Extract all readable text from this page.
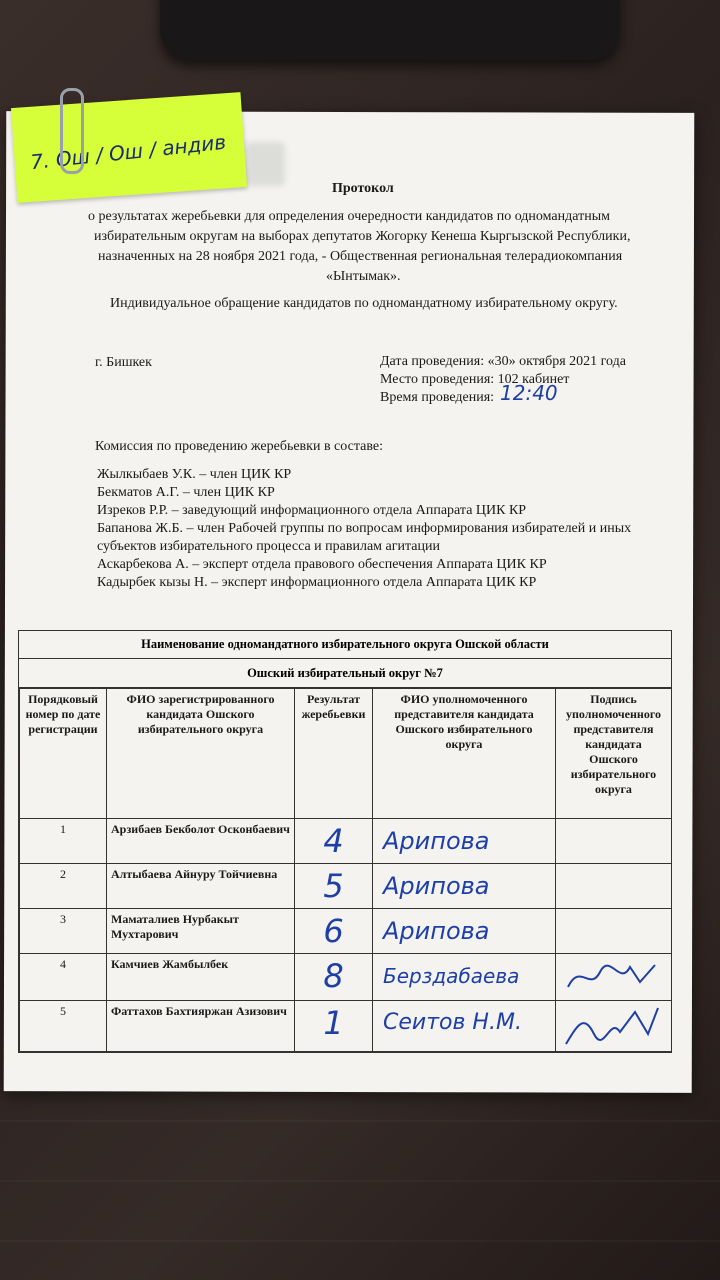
7. Ош / Ош / андив
Протокол
о результатах жеребьевки для определения очередности кандидатов по одномандатным
избирательным округам на выборах депутатов Жогорку Кенеша Кыргызской Республики,
назначенных на 28 ноября 2021 года, - Общественная региональная телерадиокомпания
«Ынтымак».
Индивидуальное обращение кандидатов по одномандатному избирательному округу.
г. Бишкек	Дата проведения: «30» октября 2021 года
Место проведения: 102 кабинет
Время проведения: 12:40
Комиссия по проведению жеребьевки в составе:
Жылкыбаев У.К. – член ЦИК КР
Бекматов А.Г. – член ЦИК КР
Изреков Р.Р. – заведующий информационного отдела Аппарата ЦИК КР
Бапанова Ж.Б. – член Рабочей группы по вопросам информирования избирателей и иных
субъектов избирательного процесса и правилам агитации
Аскарбекова А. – эксперт отдела правового обеспечения Аппарата ЦИК КР
Кадырбек кызы Н. – эксперт информационного отдела Аппарата ЦИК КР
Наименование одномандатного избирательного округа Ошской области
Ошский избирательный округ №7
Порядковый номер по дате регистрации	ФИО зарегистрированного кандидата Ошского избирательного округа	Результат жеребьевки	ФИО уполномоченного представителя кандидата Ошского избирательного округа	Подпись уполномоченного представителя кандидата Ошского избирательного округа
1	Арзибаев Бекболот Осконбаевич	4	Арипова	

2	Алтыбаева Айнуру Тойчиевна	5	Арипова	

3	Маматалиев Нурбакыт Мухтарович	6	Арипова	

4	Камчиев Жамбылбек	8	Берздабаева

5	Фаттахов Бахтияржан Азизович	1	Сеитов Н.М.
